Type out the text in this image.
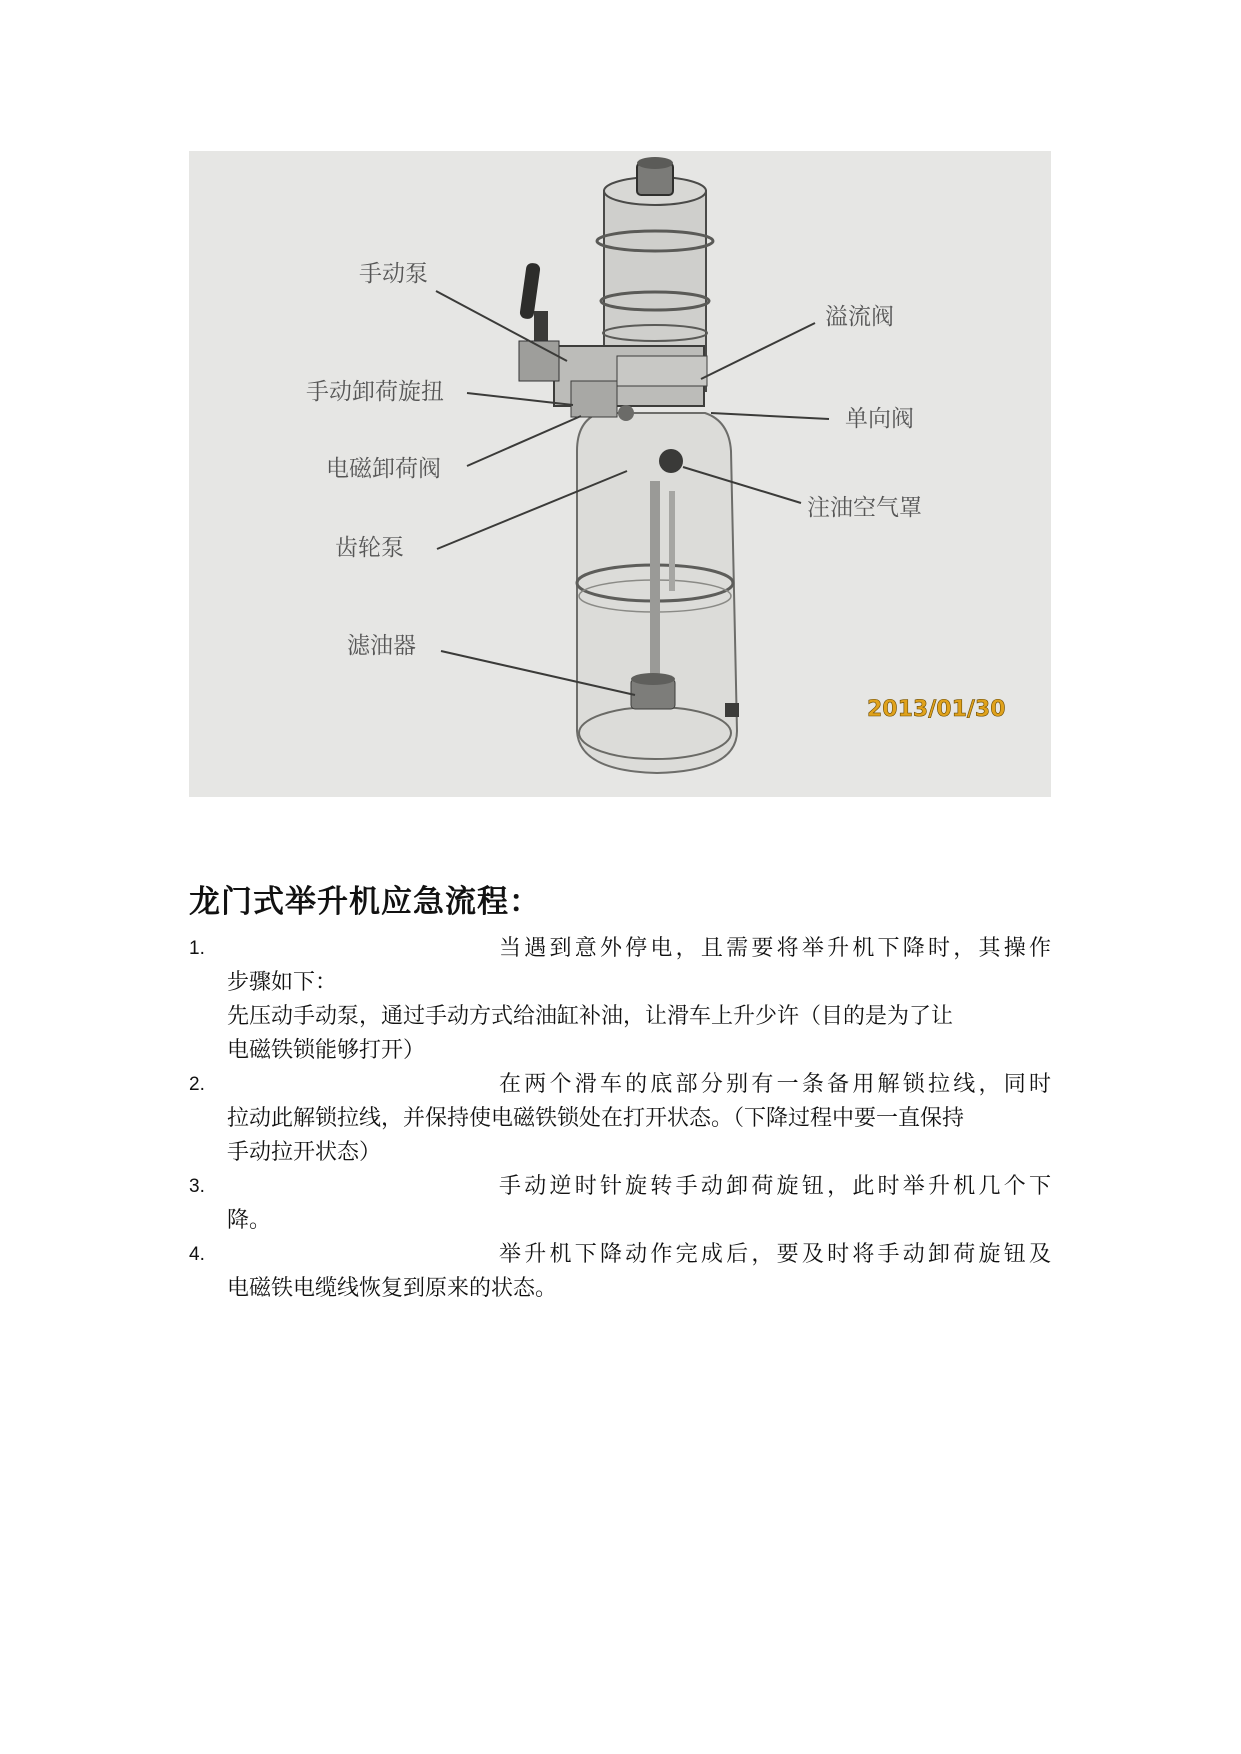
手动泵
手动卸荷旋扭
电磁卸荷阀
齿轮泵
滤油器
溢流阀
单向阀
注油空气罩
2013/01/30
龙门式举升机应急流程：
1.	当遇到意外停电，且需要将举升机下降时，其操作
步骤如下：
先压动手动泵，通过手动方式给油缸补油，让滑车上升少许（目的是为了让
电磁铁锁能够打开）
2.	在两个滑车的底部分别有一条备用解锁拉线，同时
拉动此解锁拉线，并保持使电磁铁锁处在打开状态。（下降过程中要一直保持
手动拉开状态）
3.	手动逆时针旋转手动卸荷旋钮，此时举升机几个下
降。
4.	举升机下降动作完成后，要及时将手动卸荷旋钮及
电磁铁电缆线恢复到原来的状态。
